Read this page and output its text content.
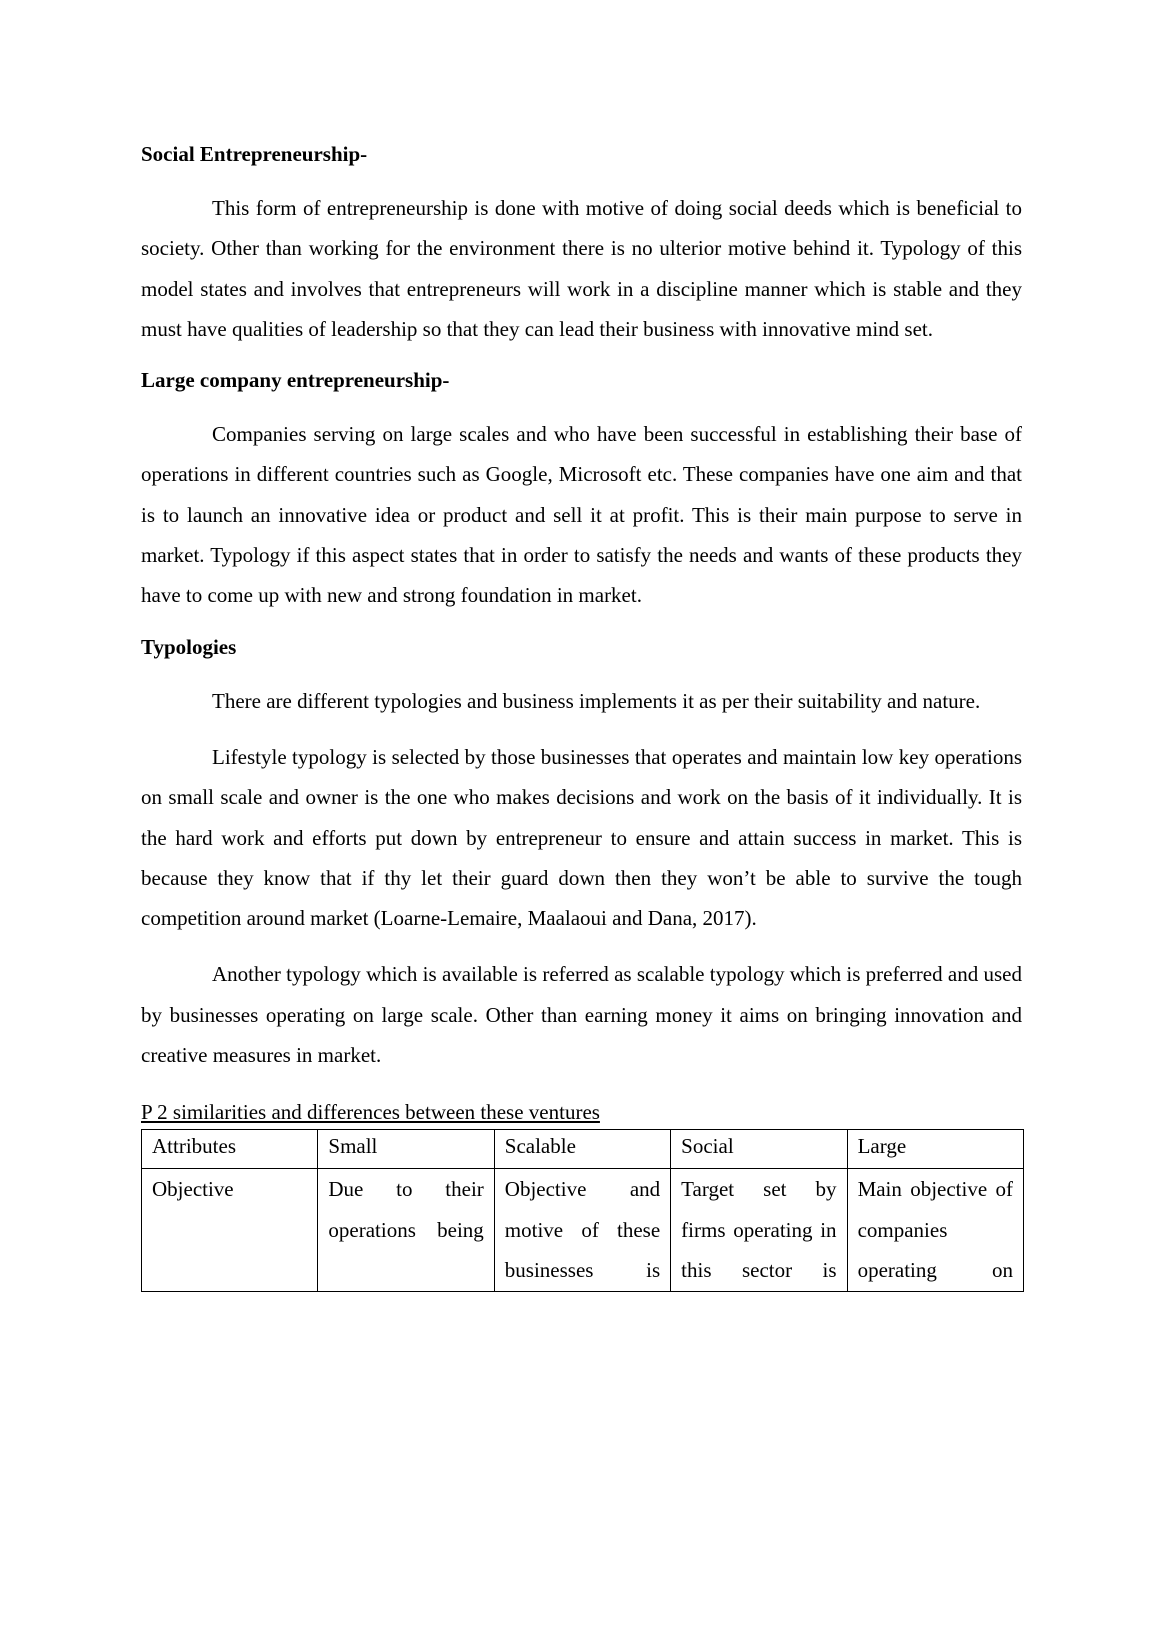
Social Entrepreneurship-

This form of entrepreneurship is done with motive of doing social deeds which is beneficial to society. Other than working for the environment there is no ulterior motive behind it. Typology of this model states and involves that entrepreneurs will work in a discipline manner which is stable and they must have qualities of leadership so that they can lead their business with innovative mind set.

Large company entrepreneurship-

Companies serving on large scales and who have been successful in establishing their base of operations in different countries such as Google, Microsoft etc. These companies have one aim and that is to launch an innovative idea or product and sell it at profit. This is their main purpose to serve in market. Typology if this aspect states that in order to satisfy the needs and wants of these products they have to come up with new and strong foundation in market.

Typologies

There are different typologies and business implements it as per their suitability and nature.

Lifestyle typology is selected by those businesses that operates and maintain low key operations on small scale and owner is the one who makes decisions and work on the basis of it individually. It is the hard work and efforts put down by entrepreneur to ensure and attain success in market. This is because they know that if thy let their guard down then they won’t be able to survive the tough competition around market (Loarne-Lemaire, Maalaoui and Dana, 2017).

Another typology which is available is referred as scalable typology which is preferred and used by businesses operating on large scale. Other than earning money it aims on bringing innovation and creative measures in market.

P 2 similarities and differences between these ventures
Attributes	Small	Scalable	Social	Large
Objective	Due to their operations being	Objective and motive of these businesses is	Target set by firms operating in this sector is	Main objective of companies operating on
